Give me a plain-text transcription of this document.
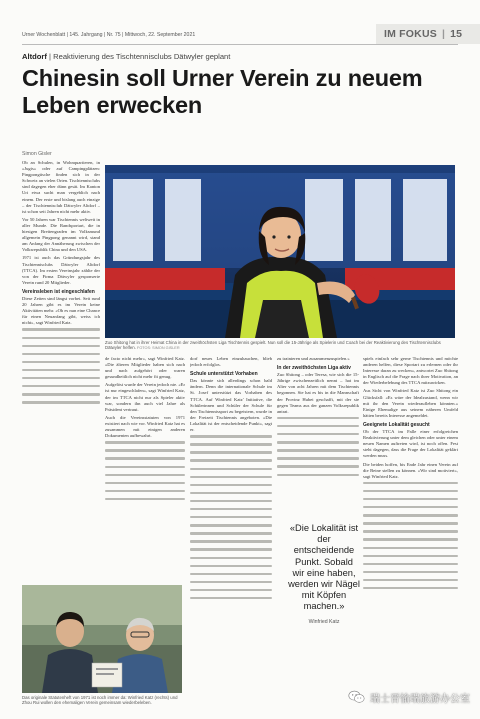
Urner Wochenblatt | 145. Jahrgang | Nr. 75 | Mittwoch, 22. September 2021	IM FOKUS | 15
Altdorf | Reaktivierung des Tischtennisclubs Dätwyler geplant
Chinesin soll Urner Verein zu neuem Leben erwecken
Simon Gisler

Ob an Schulen, in Wohnquartieren, in «Jugis» oder auf Campingplätzen: Pingpongtische finden sich in der Schweiz an vielen Orten. Tischtennisclubs sind dagegen eher dünn gesät. Im Kanton Uri etwa sucht man vergeblich nach einem. Der erste und bislang auch einzige – der Tischtennisclub Dätwyler Altdorf – ist schon seit Jahren nicht mehr aktiv.

Vor 50 Jahren war Tischtennis weltweit in aller Munde. Die Randsportart, die in hiesigen Breitengraden im Volksmund allgemein Pingpong genannt wird, stand am Anfang der Annäherung zwischen der Volksrepublik China und den USA.

1971 ist auch das Gründungsjahr des Tischtennisclubs Dätwyler Altdorf (TTCA). Im ersten Vereinsjahr zählte der von der Firma Dätwyler gesponserte Verein rund 20 Mitglieder.

Vereinsleben ist eingeschlafen

Diese Zeiten sind längst vorbei. Seit rund 20 Jahren gibt es im Verein keine Aktivitäten mehr. «Ob es nun eine Chance für einen Neuanfang gibt, weiss ich nicht», sagt Winfried Katz.

Zuo Shitong hat in ihrer Heimat China in der zweithöchsten Liga Tischtennis gespielt. Nun soll die 15-Jährige als Spielerin und Coach bei der Reaktivierung des Tischtennisclubs Dätwyler helfen. FOTOS: SIMON GISLER

de facto nicht mehr», sagt Winfried Katz. «Die älteren Mitglieder haben sich nach und nach aufgehört oder waren gesundheitlich nicht mehr fit genug.

Aufgelöst wurde der Verein jedoch nie. «Er ist nur eingeschlafen», sagt Winfried Katz, der im TTCA nicht nur als Spieler aktiv war, sondern ihn auch viel Jahre als Präsident vertraut.

Auch die Vereinsstatuten von 1971 existiert nach wie vor. Winfried Katz hat es zusammen mit einigen anderen Dokumenten aufbewahrt.

dorf neues Leben einzuhauchen, blieb jedoch erfolglos.

Schule unterstützt Vorhaben

Das könnte sich allerdings schon bald ändern. Denn die internationale Schule im St. Josef unterstützt das Vorhaben des TTCA. Auf Winfried Katz' Initiative, die Schülerinnen und Schüler der Schule für den Tischtennissport zu begeistern, wurde in der Freizeit Tischtennis angeboten. «Die Lokalität ist der entscheidende Punkt», sagt er.

zu trainieren und zusammenzuspielen.»

In der zweithöchsten Liga aktiv

Zuo Shitong – oder Teresa, wie sich die 15-Jährige zwischenzeitlich nennt – hat im Alter von acht Jahren mit dem Tischtennis begonnen. Sie hat es bis in die Mannschaft der Provinz Hubei geschafft, mit der sie gegen Teams aus der ganzen Volksrepublik antrat.

«Die Lokalität ist der entscheidende Punkt. Sobald wir eine haben, werden wir Nägel mit Köpfen machen.»
Winfried Katz
Das originale Statutenheft von 1971 ist noch immer da: Winfried Katz (rechts) und Zhou Rui wollen den ehemaligen Verein gemeinsam wiederbeleben.	瑞士晋愉瑞旅游办公室

spiels einfach sehr gerne Tischtennis und möchte anderen helfen, diese Sportart zu erlernen oder ihr Interesse daran zu wecken», antwortet Zuo Shitong in Englisch auf die Frage nach ihrer Motivation, an der Wiederbelebung des TTCA mitzuwirken.

Aus Sicht von Winfried Katz ist Zuo Shitong ein Glücksfall: «Es wäre der Idealzustand, wenn wir mit ihr den Verein wiederaufleben könnten.» Einige Ehemalige aus seinem näheren Umfeld hätten bereits Interesse angemeldet.

Geeignete Lokalität gesucht

Ob der TTCA im Falle einer erfolgreichen Reaktivierung unter dem gleichen oder unter einem neuen Namen auftreten wird, ist noch offen. Fest steht dagegen, dass die Frage der Lokalität geklärt werden muss.

Die beiden hoffen, bis Ende Jahr einen Verein auf die Beine stellen zu können. «Wir sind motiviert», sagt Winfried Katz.
